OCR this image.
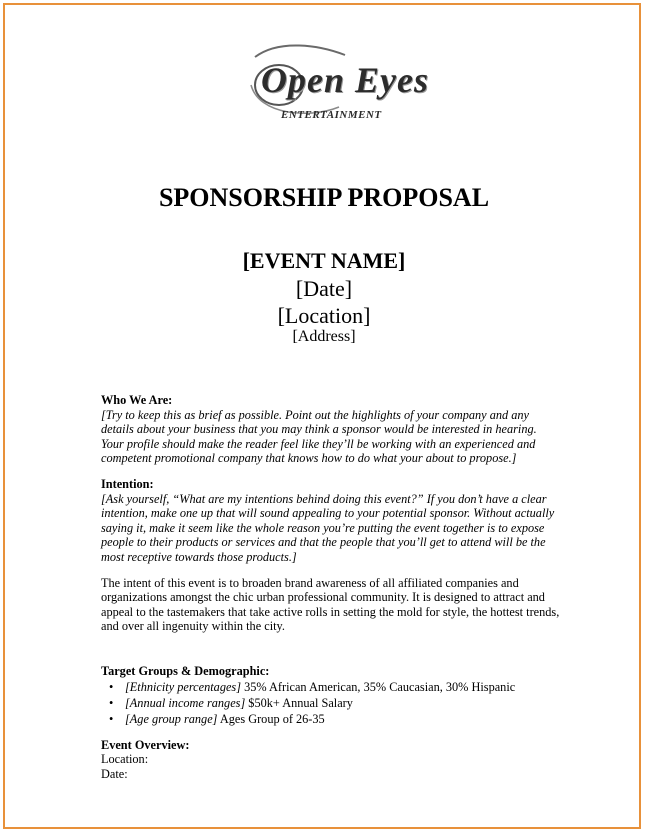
Open Eyes
ENTERTAINMENT
SPONSORSHIP PROPOSAL
[EVENT NAME]
[Date]
[Location]
[Address]
Who We Are:
[Try to keep this as brief as possible. Point out the highlights of your company and any details about your business that you may think a sponsor would be interested in hearing. Your profile should make the reader feel like they’ll be working with an experienced and competent promotional company that knows how to do what your about to propose.]
Intention:
[Ask yourself, “What are my intentions behind doing this event?” If you don’t have a clear intention, make one up that will sound appealing to your potential sponsor. Without actually saying it, make it seem like the whole reason you’re putting the event together is to expose people to their products or services and that the people that you’ll get to attend will be the most receptive towards those products.]
The intent of this event is to broaden brand awareness of all affiliated companies and organizations amongst the chic urban professional community. It is designed to attract and appeal to the tastemakers that take active rolls in setting the mold for style, the hottest trends, and over all ingenuity within the city.
Target Groups & Demographic:
• [Ethnicity percentages] 35% African American, 35% Caucasian, 30% Hispanic
• [Annual income ranges] $50k+ Annual Salary
• [Age group range] Ages Group of 26-35
Event Overview:
Location:
Date:
